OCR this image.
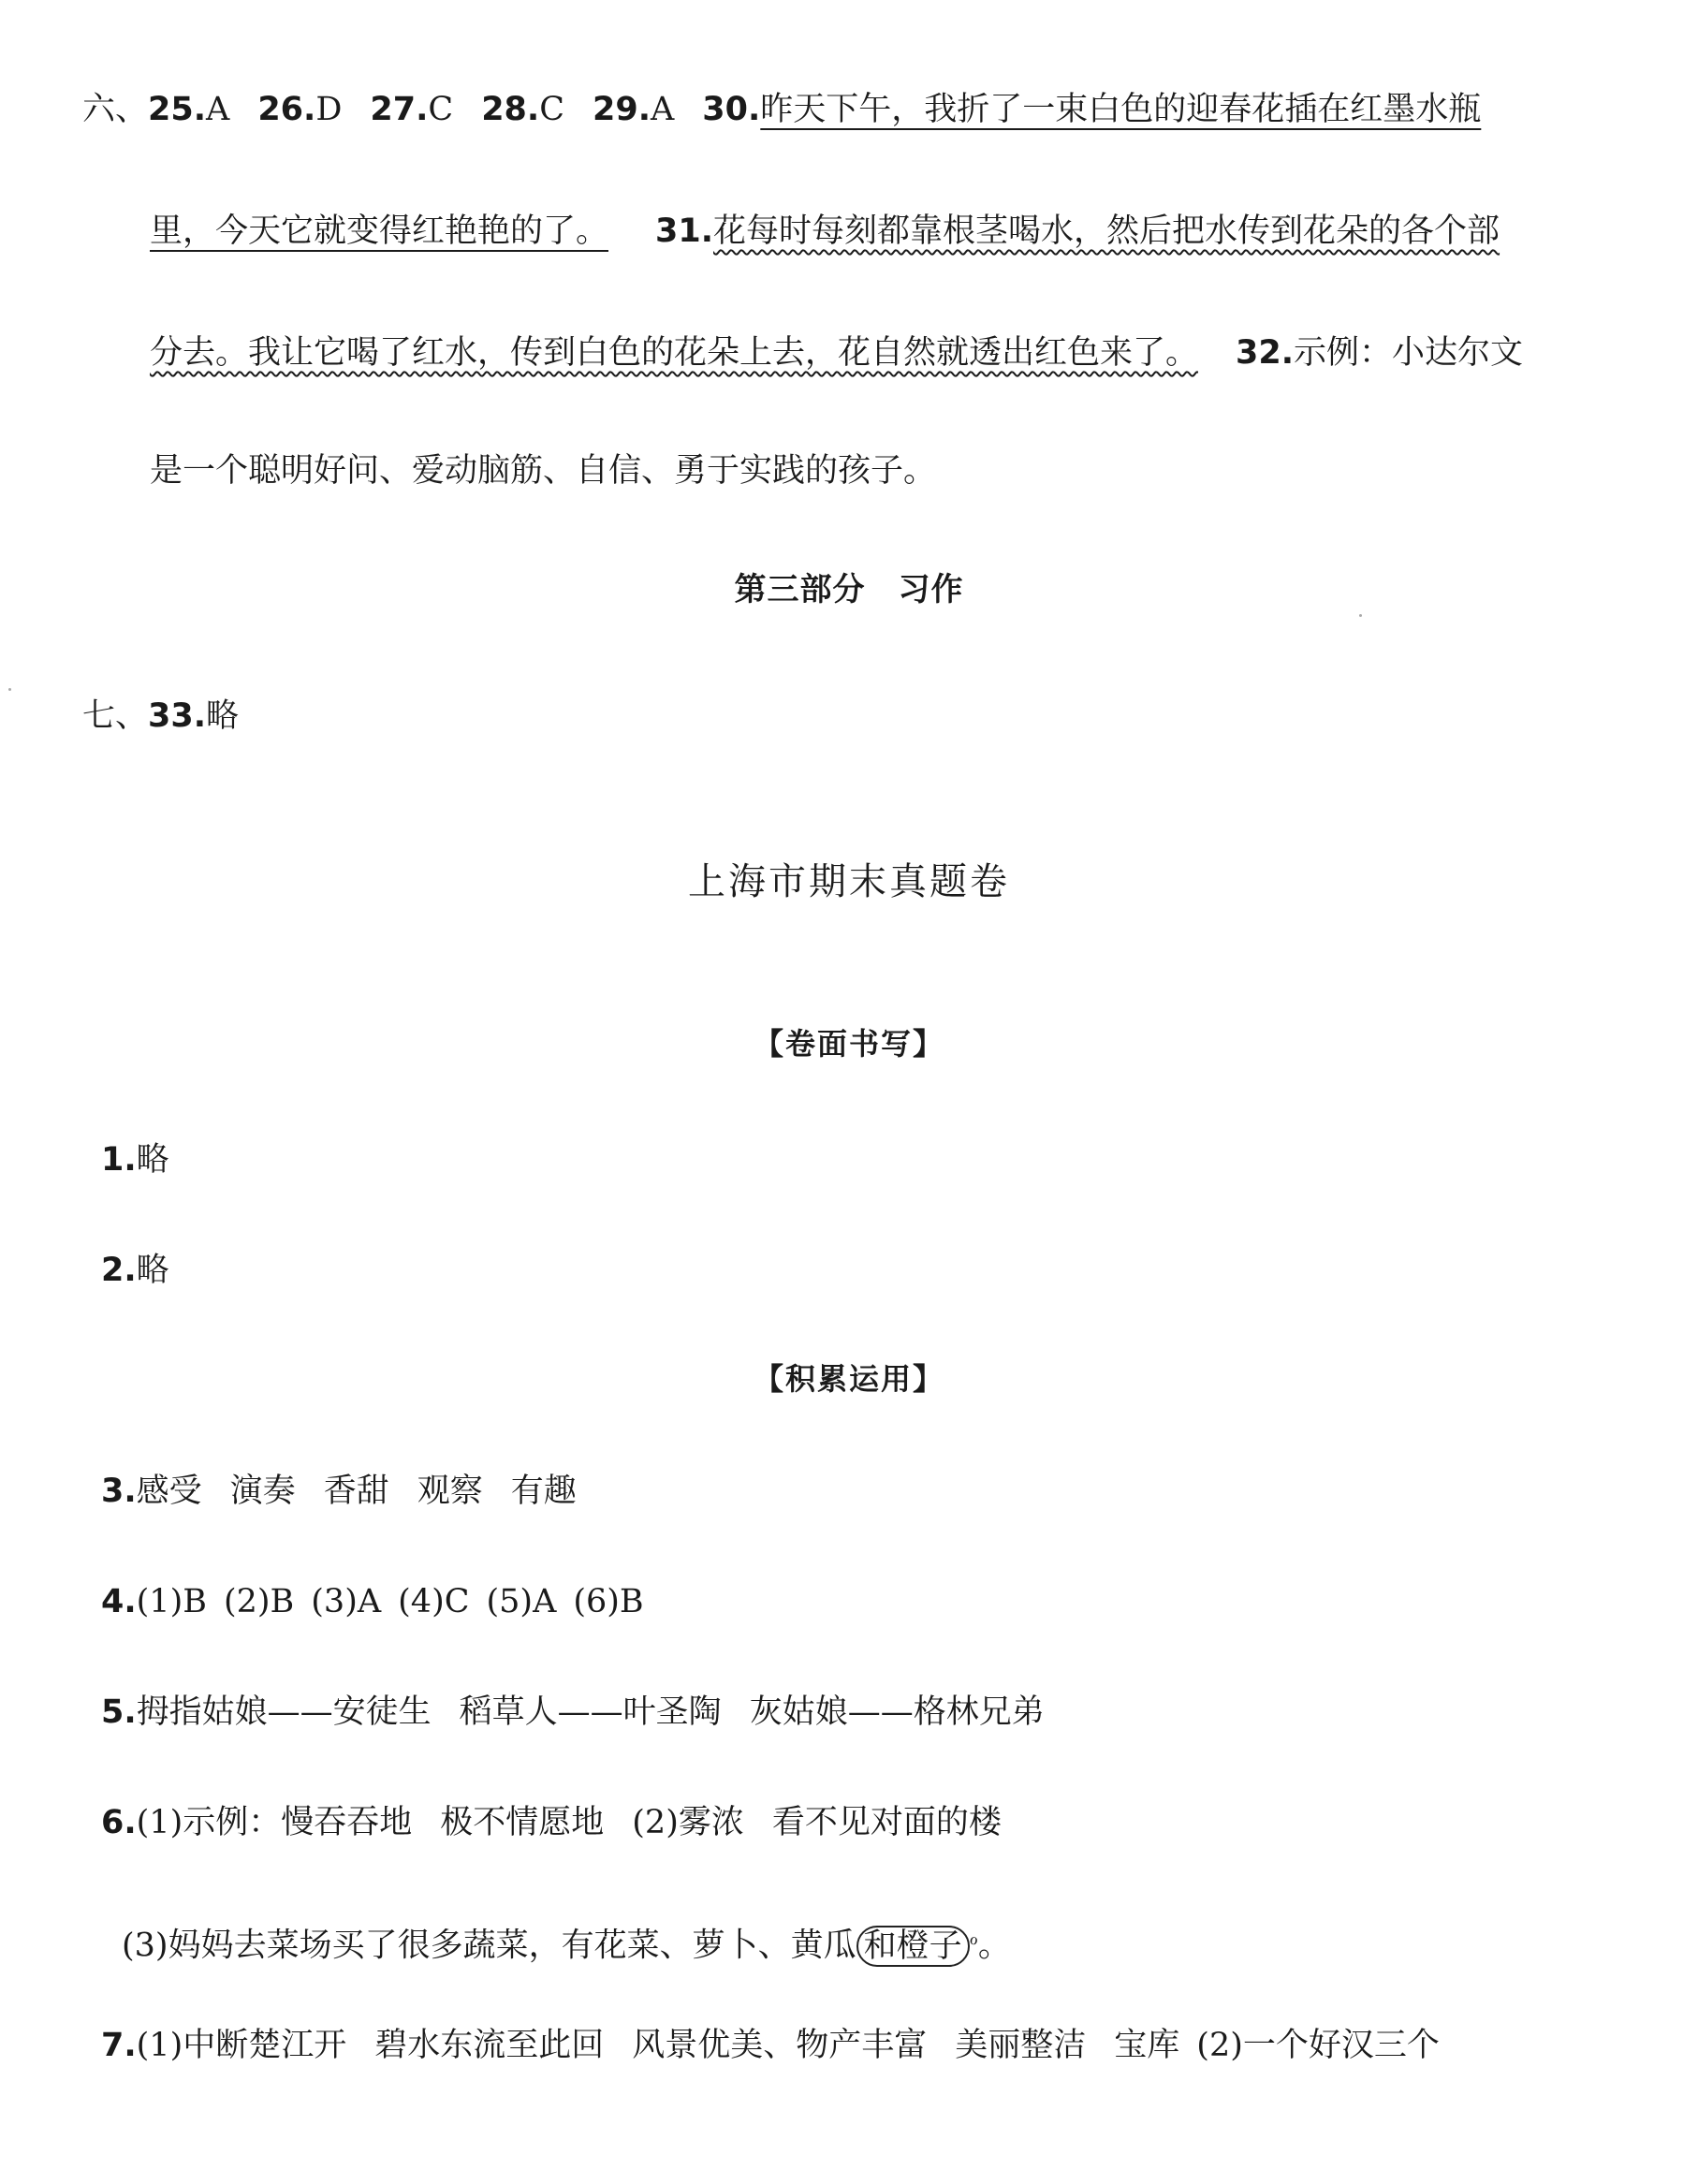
六、25.A 26.D 27.C 28.C 29.A 30.昨天下午，我折了一束白色的迎春花插在红墨水瓶
里，今天它就变得红艳艳的了。 31.花每时每刻都靠根茎喝水，然后把水传到花朵的各个部
分去。我让它喝了红水，传到白色的花朵上去，花自然就透出红色来了。 32.示例：小达尔文
是一个聪明好问、爱动脑筋、自信、勇于实践的孩子。
第三部分　习作
七、33.略
上海市期末真题卷
【卷面书写】
1.略
2.略
【积累运用】
3.感受 演奏 香甜 观察 有趣
4.(1)B (2)B (3)A (4)C (5)A (6)B
5.拇指姑娘——安徒生 稻草人——叶圣陶 灰姑娘——格林兄弟
6.(1)示例：慢吞吞地 极不情愿地 (2)雾浓 看不见对面的楼
(3)妈妈去菜场买了很多蔬菜，有花菜、萝卜、黄瓜 和橙子 $^ℴ$。
7.(1)中断楚江开 碧水东流至此回 风景优美、物产丰富 美丽整洁 宝库 (2)一个好汉三个
